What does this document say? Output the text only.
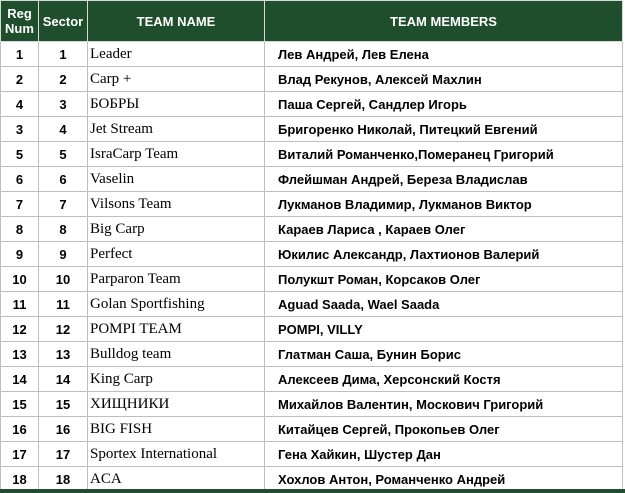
Reg Num	Sector	TEAM NAME	TEAM MEMBERS
1	1	Leader	Лев Андрей, Лев Елена
2	2	Carp +	Влад Рекунов, Алексей Махлин
4	3	БОБРЫ	Паша Сергей, Сандлер Игорь
3	4	Jet Stream	Бригоренко Николай, Питецкий Евгений
5	5	IsraCarp Team	Виталий Романченко,Померанец Григорий
6	6	Vaselin	Флейшман Андрей, Береза Владислав
7	7	Vilsons Team	Лукманов Владимир, Лукманов Виктор
8	8	Big Carp	Караев Лариса , Караев Олег
9	9	Perfect	Юкилис Александр, Лахтионов Валерий
10	10	Parparon Team	Полукшт Роман, Корсаков Олег
11	11	Golan Sportfishing	Aguad Saada, Wael Saada
12	12	POMPI TEAM	POMPI, VILLY
13	13	Bulldog team	Глатман Саша, Бунин Борис
14	14	King Carp	Алексеев Дима, Херсонский Костя
15	15	ХИЩНИКИ	Михайлов Валентин, Москович Григорий
16	16	BIG FISH	Китайцев Сергей, Прокопьев Олег
17	17	Sportex International	Гена Хайкин, Шустер Дан
18	18	ACA	Хохлов Антон, Романченко Андрей
